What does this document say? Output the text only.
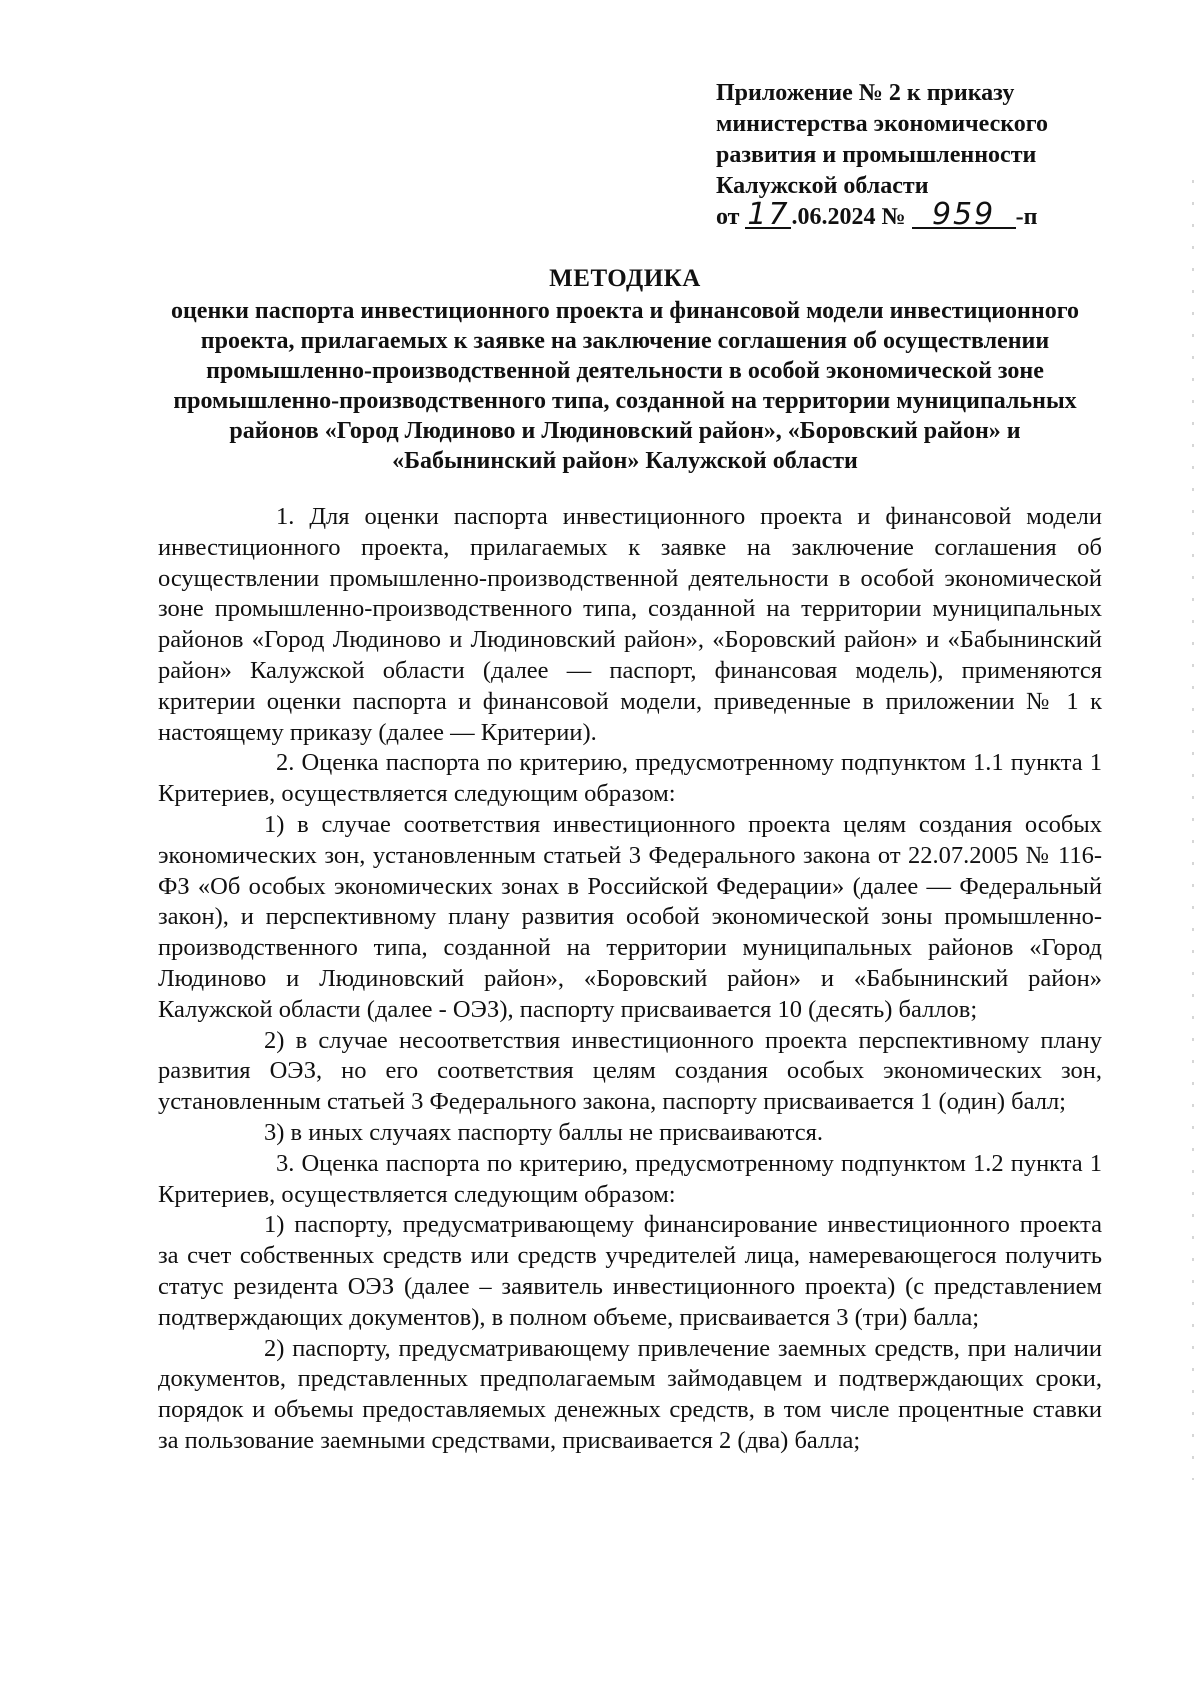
Приложение № 2 к приказу
министерства экономического
развития и промышленности
Калужской области
от 17.06.2024 № 959 -п
МЕТОДИКА
оценки паспорта инвестиционного проекта и финансовой модели инвестиционного проекта, прилагаемых к заявке на заключение соглашения об осуществлении промышленно-производственной деятельности в особой экономической зоне промышленно-производственного типа, созданной на территории муниципальных районов «Город Людиново и Людиновский район», «Боровский район» и «Бабынинский район» Калужской области

1. Для оценки паспорта инвестиционного проекта и финансовой модели инвестиционного проекта, прилагаемых к заявке на заключение соглашения об осуществлении промышленно-производственной деятельности в особой экономической зоне промышленно-производственного типа, созданной на территории муниципальных районов «Город Людиново и Людиновский район», «Боровский район» и «Бабынинский район» Калужской области (далее — паспорт, финансовая модель), применяются критерии оценки паспорта и финансовой модели, приведенные в приложении № 1 к настоящему приказу (далее — Критерии).

2. Оценка паспорта по критерию, предусмотренному подпунктом 1.1 пункта 1 Критериев, осуществляется следующим образом:

1) в случае соответствия инвестиционного проекта целям создания особых экономических зон, установленным статьей 3 Федерального закона от 22.07.2005 № 116-ФЗ «Об особых экономических зонах в Российской Федерации» (далее — Федеральный закон), и перспективному плану развития особой экономической зоны промышленно-производственного типа, созданной на территории муниципальных районов «Город Людиново и Людиновский район», «Боровский район» и «Бабынинский район» Калужской области (далее - ОЭЗ), паспорту присваивается 10 (десять) баллов;

2) в случае несоответствия инвестиционного проекта перспективному плану развития ОЭЗ, но его соответствия целям создания особых экономических зон, установленным статьей 3 Федерального закона, паспорту присваивается 1 (один) балл;

3) в иных случаях паспорту баллы не присваиваются.

3. Оценка паспорта по критерию, предусмотренному подпунктом 1.2 пункта 1 Критериев, осуществляется следующим образом:

1) паспорту, предусматривающему финансирование инвестиционного проекта за счет собственных средств или средств учредителей лица, намеревающегося получить статус резидента ОЭЗ (далее – заявитель инвестиционного проекта) (с представлением подтверждающих документов), в полном объеме, присваивается 3 (три) балла;

2) паспорту, предусматривающему привлечение заемных средств, при наличии документов, представленных предполагаемым займодавцем и подтверждающих сроки, порядок и объемы предоставляемых денежных средств, в том числе процентные ставки за пользование заемными средствами, присваивается 2 (два) балла;
